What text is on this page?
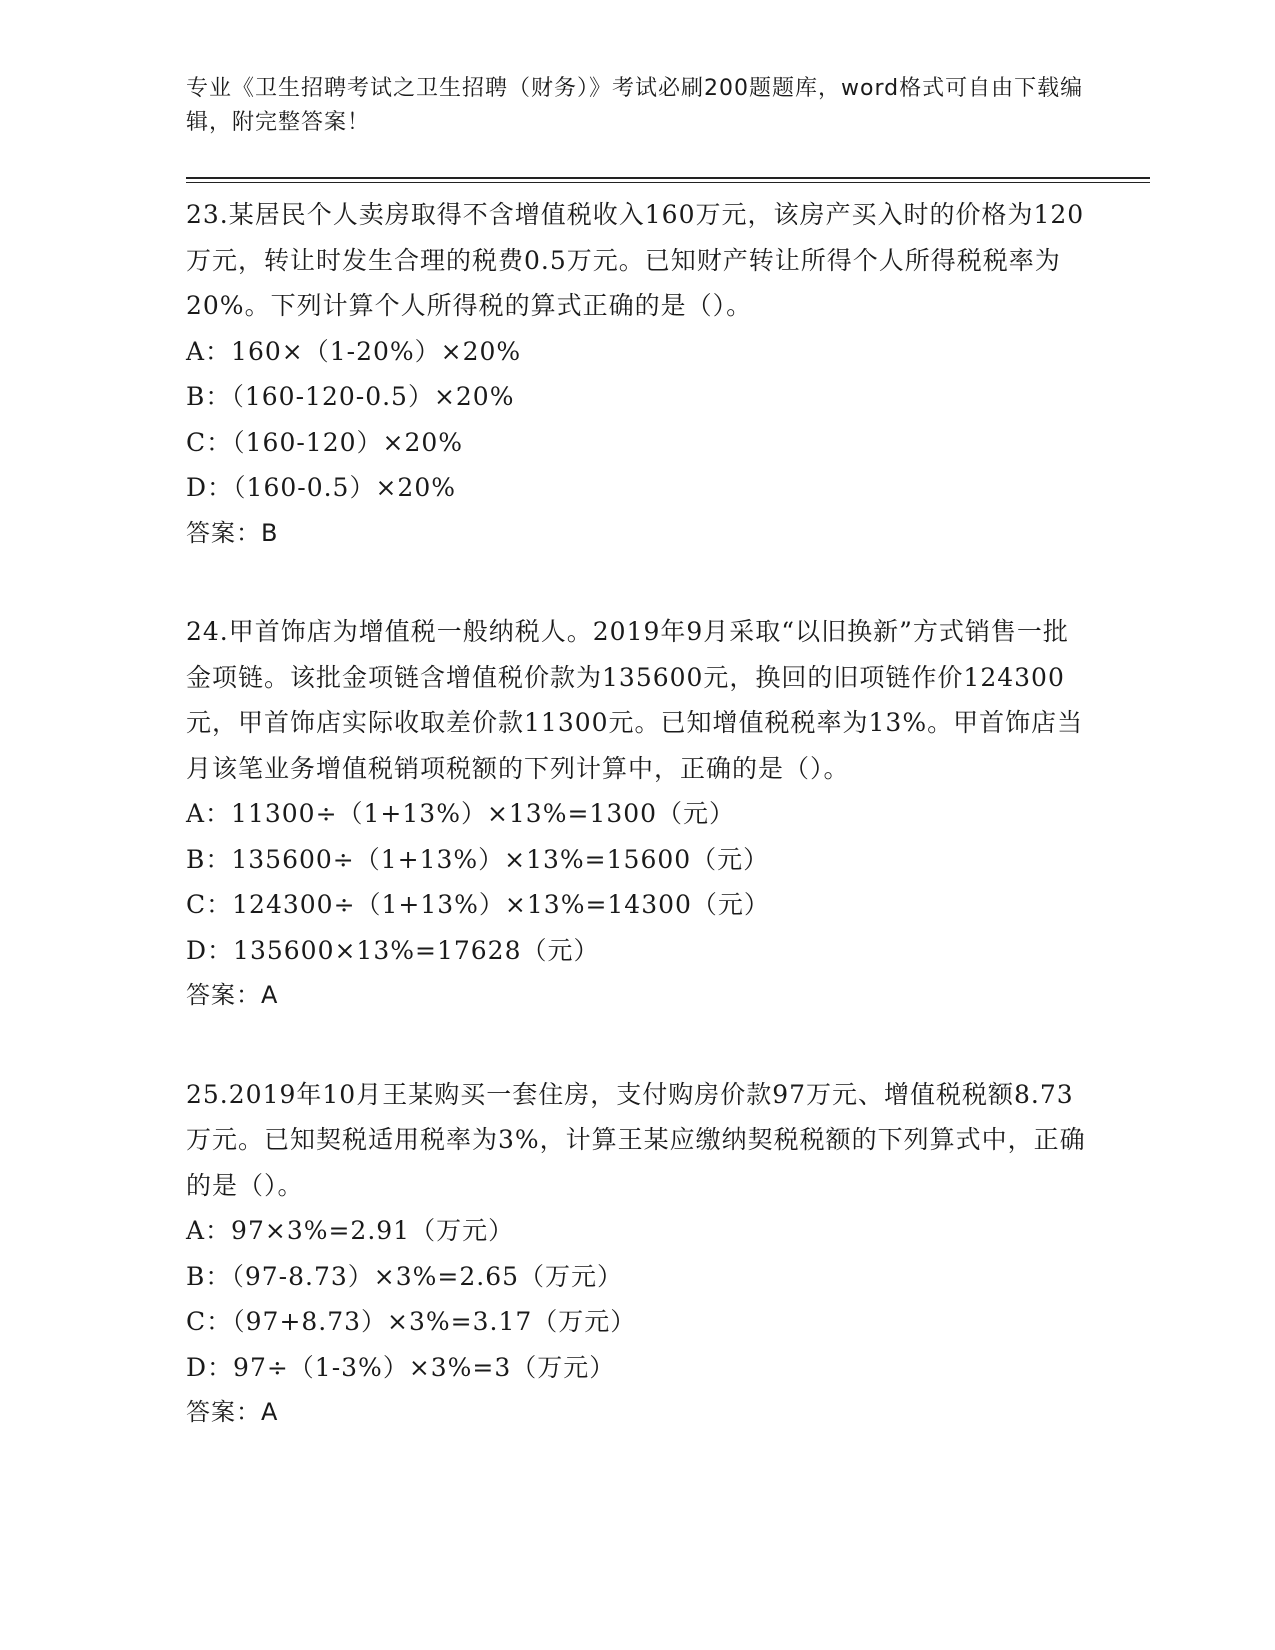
专业《卫生招聘考试之卫生招聘（财务）》考试必刷200题题库，word格式可自由下载编辑，附完整答案！
23.某居民个人卖房取得不含增值税收入160万元，该房产买入时的价格为120万元，转让时发生合理的税费0.5万元。已知财产转让所得个人所得税税率为20%。下列计算个人所得税的算式正确的是（）。
A：160×（1-20%）×20%
B：（160-120-0.5）×20%
C：（160-120）×20%
D：（160-0.5）×20%
答案：B
24.甲首饰店为增值税一般纳税人。2019年9月采取“以旧换新”方式销售一批金项链。该批金项链含增值税价款为135600元，换回的旧项链作价124300元，甲首饰店实际收取差价款11300元。已知增值税税率为13%。甲首饰店当月该笔业务增值税销项税额的下列计算中，正确的是（）。
A：11300÷（1+13%）×13%=1300（元）
B：135600÷（1+13%）×13%=15600（元）
C：124300÷（1+13%）×13%=14300（元）
D：135600×13%=17628（元）
答案：A
25.2019年10月王某购买一套住房，支付购房价款97万元、增值税税额8.73万元。已知契税适用税率为3%，计算王某应缴纳契税税额的下列算式中，正确的是（）。
A：97×3%=2.91（万元）
B：（97-8.73）×3%=2.65（万元）
C：（97+8.73）×3%=3.17（万元）
D：97÷（1-3%）×3%=3（万元）
答案：A
